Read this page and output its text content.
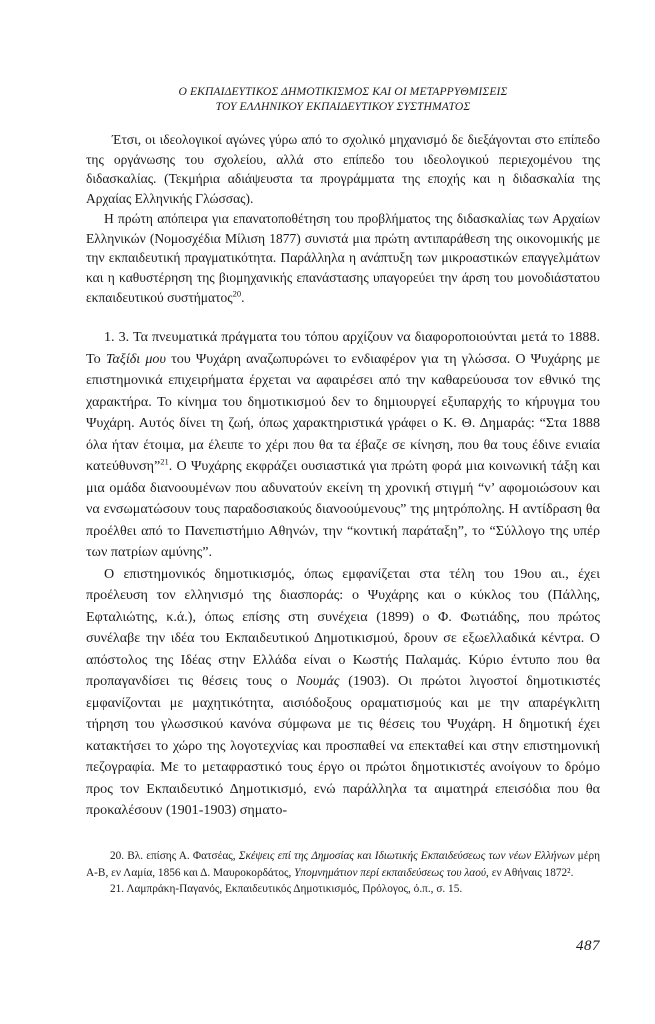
Ο ΕΚΠΑΙΔΕΥΤΙΚΟΣ ΔΗΜΟΤΙΚΙΣΜΟΣ ΚΑΙ ΟΙ ΜΕΤΑΡΡΥΘΜΙΣΕΙΣ
ΤΟΥ ΕΛΛΗΝΙΚΟΥ ΕΚΠΑΙΔΕΥΤΙΚΟΥ ΣΥΣΤΗΜΑΤΟΣ

Έτσι, οι ιδεολογικοί αγώνες γύρω από το σχολικό μηχανισμό δε διεξάγονται στο επίπεδο της οργάνωσης του σχολείου, αλλά στο επίπεδο του ιδεολογικού περιεχομένου της διδασκαλίας. (Τεκμήρια αδιάψευστα τα προγράμματα της εποχής και η διδασκαλία της Αρχαίας Ελληνικής Γλώσσας).

Η πρώτη απόπειρα για επανατοποθέτηση του προβλήματος της διδασκαλίας των Αρχαίων Ελληνικών (Νομοσχέδια Μίλιση 1877) συνιστά μια πρώτη αντιπαράθεση της οικονομικής με την εκπαιδευτική πραγματικότητα. Παράλληλα η ανάπτυξη των μικροαστικών επαγγελμάτων και η καθυστέρηση της βιομηχανικής επανάστασης υπαγορεύει την άρση του μονοδιάστατου εκπαιδευτικού συστήματος$^{20}$.

1. 3. Τα πνευματικά πράγματα του τόπου αρχίζουν να διαφοροποιούνται μετά το 1888. Το Ταξίδι μου του Ψυχάρη αναζωπυρώνει το ενδιαφέρον για τη γλώσσα. Ο Ψυχάρης με επιστημονικά επιχειρήματα έρχεται να αφαιρέσει από την καθαρεύουσα τον εθνικό της χαρακτήρα. Το κίνημα του δημοτικισμού δεν το δημιουργεί εξυπαρχής το κήρυγμα του Ψυχάρη. Αυτός δίνει τη ζωή, όπως χαρακτηριστικά γράφει ο Κ. Θ. Δημαράς: “Στα 1888 όλα ήταν έτοιμα, μα έλειπε το χέρι που θα τα έβαζε σε κίνηση, που θα τους έδινε ενιαία κατεύθυνση”$^{21}$. Ο Ψυχάρης εκφράζει ουσιαστικά για πρώτη φορά μια κοινωνική τάξη και μια ομάδα διανοουμένων που αδυνατούν εκείνη τη χρονική στιγμή “ν’ αφομοιώσουν και να ενσωματώσουν τους παραδοσιακούς διανοούμενους” της μητρόπολης. Η αντίδραση θα προέλθει από το Πανεπιστήμιο Αθηνών, την “κοντική παράταξη”, το “Σύλλογο της υπέρ των πατρίων αμύνης”.

Ο επιστημονικός δημοτικισμός, όπως εμφανίζεται στα τέλη του 19ου αι., έχει προέλευση τον ελληνισμό της διασποράς: ο Ψυχάρης και ο κύκλος του (Πάλλης, Εφταλιώτης, κ.ά.), όπως επίσης στη συνέχεια (1899) ο Φ. Φωτιάδης, που πρώτος συνέλαβε την ιδέα του Εκπαιδευτικού Δημοτικισμού, δρουν σε εξωελλαδικά κέντρα. Ο απόστολος της Ιδέας στην Ελλάδα είναι ο Κωστής Παλαμάς. Κύριο έντυπο που θα προπαγανδίσει τις θέσεις τους ο Νουμάς (1903). Οι πρώτοι λιγοστοί δημοτικιστές εμφανίζονται με μαχητικότητα, αισιόδοξους οραματισμούς και με την απαρέγκλιτη τήρηση του γλωσσικού κανόνα σύμφωνα με τις θέσεις του Ψυχάρη. Η δημοτική έχει κατακτήσει το χώρο της λογοτεχνίας και προσπαθεί να επεκταθεί και στην επιστημονική πεζογραφία. Με το μεταφραστικό τους έργο οι πρώτοι δημοτικιστές ανοίγουν το δρόμο προς τον Εκπαιδευτικό Δημοτικισμό, ενώ παράλληλα τα αιματηρά επεισόδια που θα προκαλέσουν (1901-1903) σηματο-

20. Βλ. επίσης Α. Φατσέας, Σκέψεις επί της Δημοσίας και Ιδιωτικής Εκπαιδεύσεως των νέων Ελλήνων μέρη Α-Β, εν Λαμία, 1856 και Δ. Μαυροκορδάτος, Υπομνημάτιον περί εκπαιδεύσεως του λαού, εν Αθήναις 1872².

21. Λαμπράκη-Παγανός, Εκπαιδευτικός Δημοτικισμός, Πρόλογος, ό.π., σ. 15.

487
